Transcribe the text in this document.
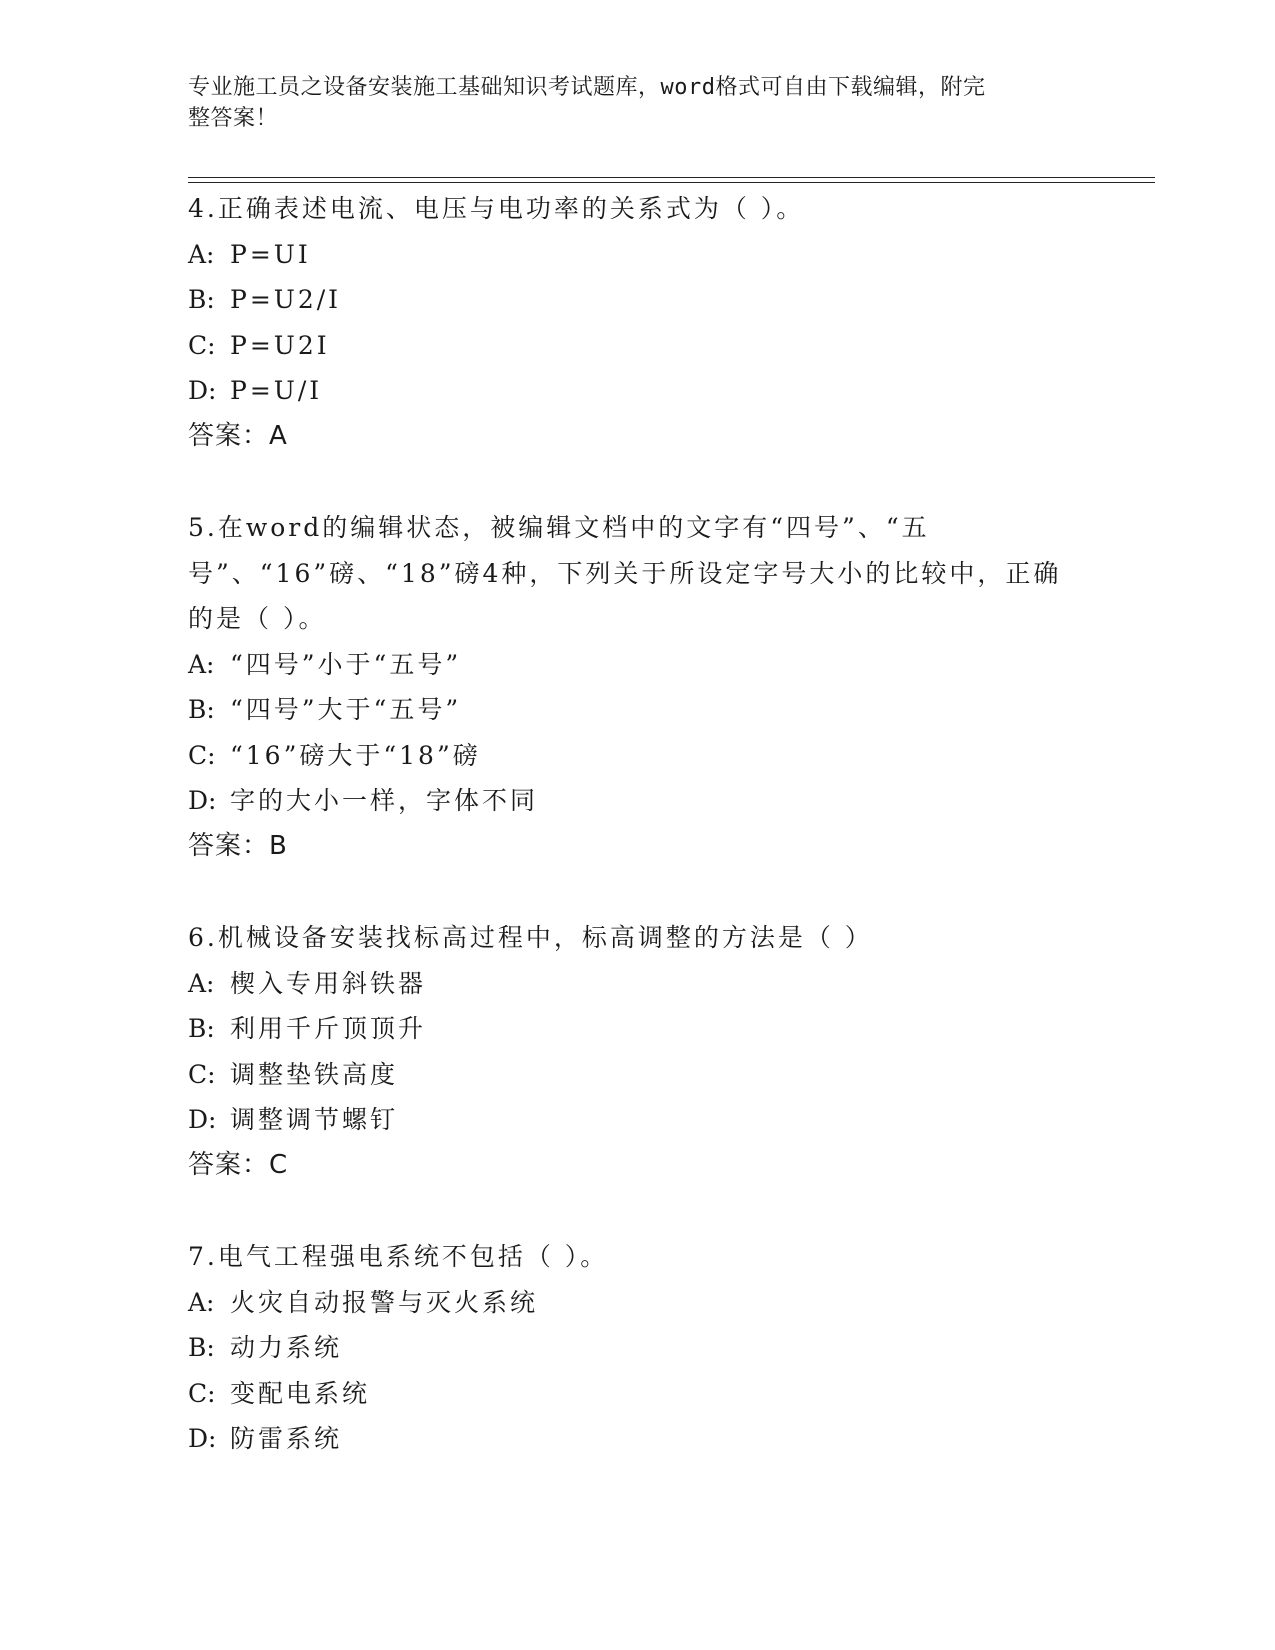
专业施工员之设备安装施工基础知识考试题库，word格式可自由下载编辑，附完
整答案！
4.正确表述电流、电压与电功率的关系式为（ ）。
A: P=UI
B: P=U2/I
C: P=U2I
D: P=U/I
答案：A
5.在word的编辑状态，被编辑文档中的文字有“四号”、“五号”、“16”磅、“18”磅4种，下列关于所设定字号大小的比较中，正确的是（ ）。
A: “四号”小于“五号”
B: “四号”大于“五号”
C: “16”磅大于“18”磅
D: 字的大小一样，字体不同
答案：B
6.机械设备安装找标高过程中，标高调整的方法是（ ）
A: 楔入专用斜铁器
B: 利用千斤顶顶升
C: 调整垫铁高度
D: 调整调节螺钉
答案：C
7.电气工程强电系统不包括（ ）。
A: 火灾自动报警与灭火系统
B: 动力系统
C: 变配电系统
D: 防雷系统
